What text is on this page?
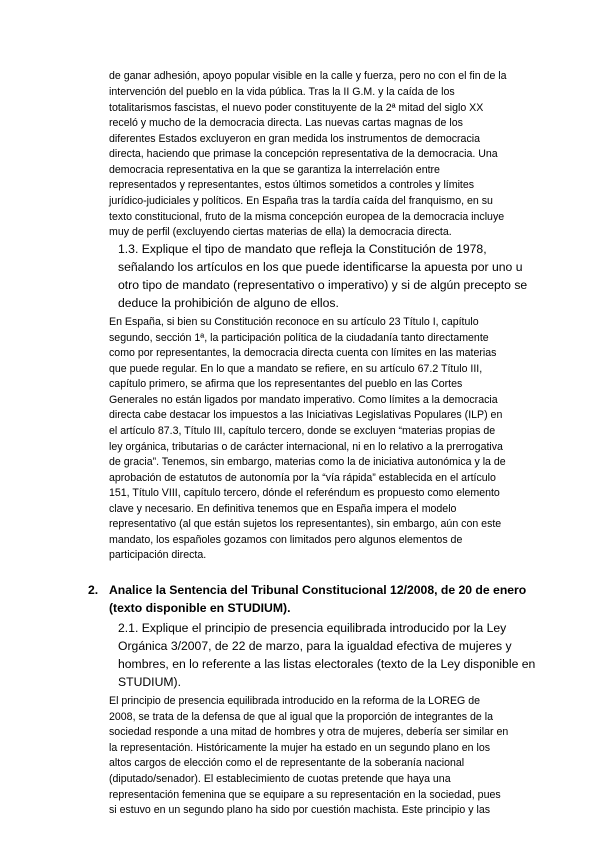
de ganar adhesión, apoyo popular visible en la calle y fuerza, pero no con el fin de la
intervención del pueblo en la vida pública. Tras la II G.M. y la caída de los
totalitarismos fascistas, el nuevo poder constituyente de la 2ª mitad del siglo XX
receló y mucho de la democracia directa. Las nuevas cartas magnas de los
diferentes Estados excluyeron en gran medida los instrumentos de democracia
directa, haciendo que primase la concepción representativa de la democracia. Una
democracia representativa en la que se garantiza la interrelación entre
representados y representantes, estos últimos sometidos a controles y límites
jurídico-judiciales y políticos. En España tras la tardía caída del franquismo, en su
texto constitucional, fruto de la misma concepción europea de la democracia incluye
muy de perfil (excluyendo ciertas materias de ella) la democracia directa.
1.3. Explique el tipo de mandato que refleja la Constitución de 1978,
señalando los artículos en los que puede identificarse la apuesta por uno u
otro tipo de mandato (representativo o imperativo) y si de algún precepto se
deduce la prohibición de alguno de ellos.
En España, si bien su Constitución reconoce en su artículo 23 Título I, capítulo
segundo, sección 1ª, la participación política de la ciudadanía tanto directamente
como por representantes, la democracia directa cuenta con límites en las materias
que puede regular. En lo que a mandato se refiere, en su artículo 67.2 Título III,
capítulo primero, se afirma que los representantes del pueblo en las Cortes
Generales no están ligados por mandato imperativo. Como límites a la democracia
directa cabe destacar los impuestos a las Iniciativas Legislativas Populares (ILP) en
el artículo 87.3, Título III, capítulo tercero, donde se excluyen “materias propias de
ley orgánica, tributarias o de carácter internacional, ni en lo relativo a la prerrogativa
de gracia”. Tenemos, sin embargo, materias como la de iniciativa autonómica y la de
aprobación de estatutos de autonomía por la “vía rápida” establecida en el artículo
151, Título VIII, capítulo tercero, dónde el referéndum es propuesto como elemento
clave y necesario. En definitiva tenemos que en España impera el modelo
representativo (al que están sujetos los representantes), sin embargo, aún con este
mandato, los españoles gozamos con limitados pero algunos elementos de
participación directa.
2. Analice la Sentencia del Tribunal Constitucional 12/2008, de 20 de enero
(texto disponible en STUDIUM).
2.1. Explique el principio de presencia equilibrada introducido por la Ley
Orgánica 3/2007, de 22 de marzo, para la igualdad efectiva de mujeres y
hombres, en lo referente a las listas electorales (texto de la Ley disponible en
STUDIUM).
El principio de presencia equilibrada introducido en la reforma de la LOREG de
2008, se trata de la defensa de que al igual que la proporción de integrantes de la
sociedad responde a una mitad de hombres y otra de mujeres, debería ser similar en
la representación. Históricamente la mujer ha estado en un segundo plano en los
altos cargos de elección como el de representante de la soberanía nacional
(diputado/senador). El establecimiento de cuotas pretende que haya una
representación femenina que se equipare a su representación en la sociedad, pues
si estuvo en un segundo plano ha sido por cuestión machista. Este principio y las
